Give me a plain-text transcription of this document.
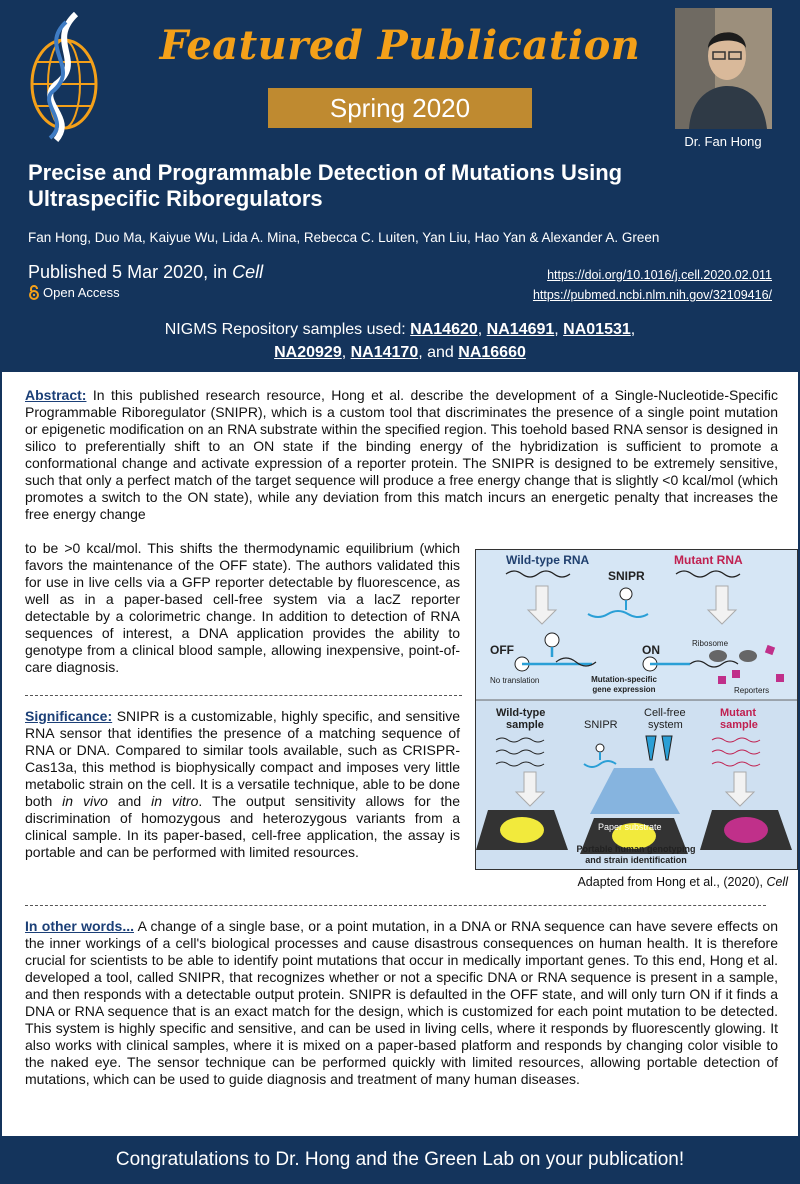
Featured Publication
Spring 2020
Dr. Fan Hong
Precise and Programmable Detection of Mutations Using Ultraspecific Riboregulators
Fan Hong, Duo Ma, Kaiyue Wu, Lida A. Mina, Rebecca C. Luiten, Yan Liu, Hao Yan & Alexander A. Green
Published 5 Mar 2020, in Cell
Open Access
https://doi.org/10.1016/j.cell.2020.02.011
https://pubmed.ncbi.nlm.nih.gov/32109416/
NIGMS Repository samples used: NA14620, NA14691, NA01531,
NA20929, NA14170, and NA16660
Abstract: In this published research resource, Hong et al. describe the development of a Single-Nucleotide-Specific Programmable Riboregulator (SNIPR), which is a custom tool that discriminates the presence of a single point mutation or epigenetic modification on an RNA substrate within the specified region. This toehold based RNA sensor is designed in silico to preferentially shift to an ON state if the binding energy of the hybridization is sufficient to promote a conformational change and activate expression of a reporter protein. The SNIPR is designed to be extremely sensitive, such that only a perfect match of the target sequence will produce a free energy change that is slightly <0 kcal/mol (which promotes a switch to the ON state), while any deviation from this match incurs an energetic penalty that increases the free energy change
to be >0 kcal/mol. This shifts the thermodynamic equilibrium (which favors the maintenance of the OFF state). The authors validated this for use in live cells via a GFP reporter detectable by fluorescence, as well as in a paper-based cell-free system via a lacZ reporter detectable by a colorimetric change. In addition to detection of RNA sequences of interest, a DNA application provides the ability to genotype from a clinical blood sample, allowing inexpensive, point-of-care diagnosis.
Significance: SNIPR is a customizable, highly specific, and sensitive RNA sensor that identifies the presence of a matching sequence of RNA or DNA. Compared to similar tools available, such as CRISPR-Cas13a, this method is biophysically compact and imposes very little metabolic strain on the cell. It is a versatile technique, able to be done both in vivo and in vitro. The output sensitivity allows for the discrimination of homozygous and heterozygous variants from a clinical sample. In its paper-based, cell-free application, the assay is portable and can be performed with limited resources.
Wild-type RNA	Mutant RNA
SNIPR
OFF
No translation
ON	Ribosome
Reporters
Mutation-specific
gene expression
Wild-type
sample	SNIPR
Cell-free
system
Mutant
sample
Paper substrate
Portable human genotyping
and strain identification
Adapted from Hong et al., (2020), Cell
In other words... A change of a single base, or a point mutation, in a DNA or RNA sequence can have severe effects on the inner workings of a cell's biological processes and cause disastrous consequences on human health. It is therefore crucial for scientists to be able to identify point mutations that occur in medically important genes. To this end, Hong et al. developed a tool, called SNIPR, that recognizes whether or not a specific DNA or RNA sequence is present in a sample, and then responds with a detectable output protein. SNIPR is defaulted in the OFF state, and will only turn ON if it finds a DNA or RNA sequence that is an exact match for the design, which is customized for each point mutation to be detected. This system is highly specific and sensitive, and can be used in living cells, where it responds by fluorescently glowing. It also works with clinical samples, where it is mixed on a paper-based platform and responds by changing color visible to the naked eye. The sensor technique can be performed quickly with limited resources, allowing portable detection of mutations, which can be used to guide diagnosis and treatment of many human diseases.
Congratulations to Dr. Hong and the Green Lab on your publication!
